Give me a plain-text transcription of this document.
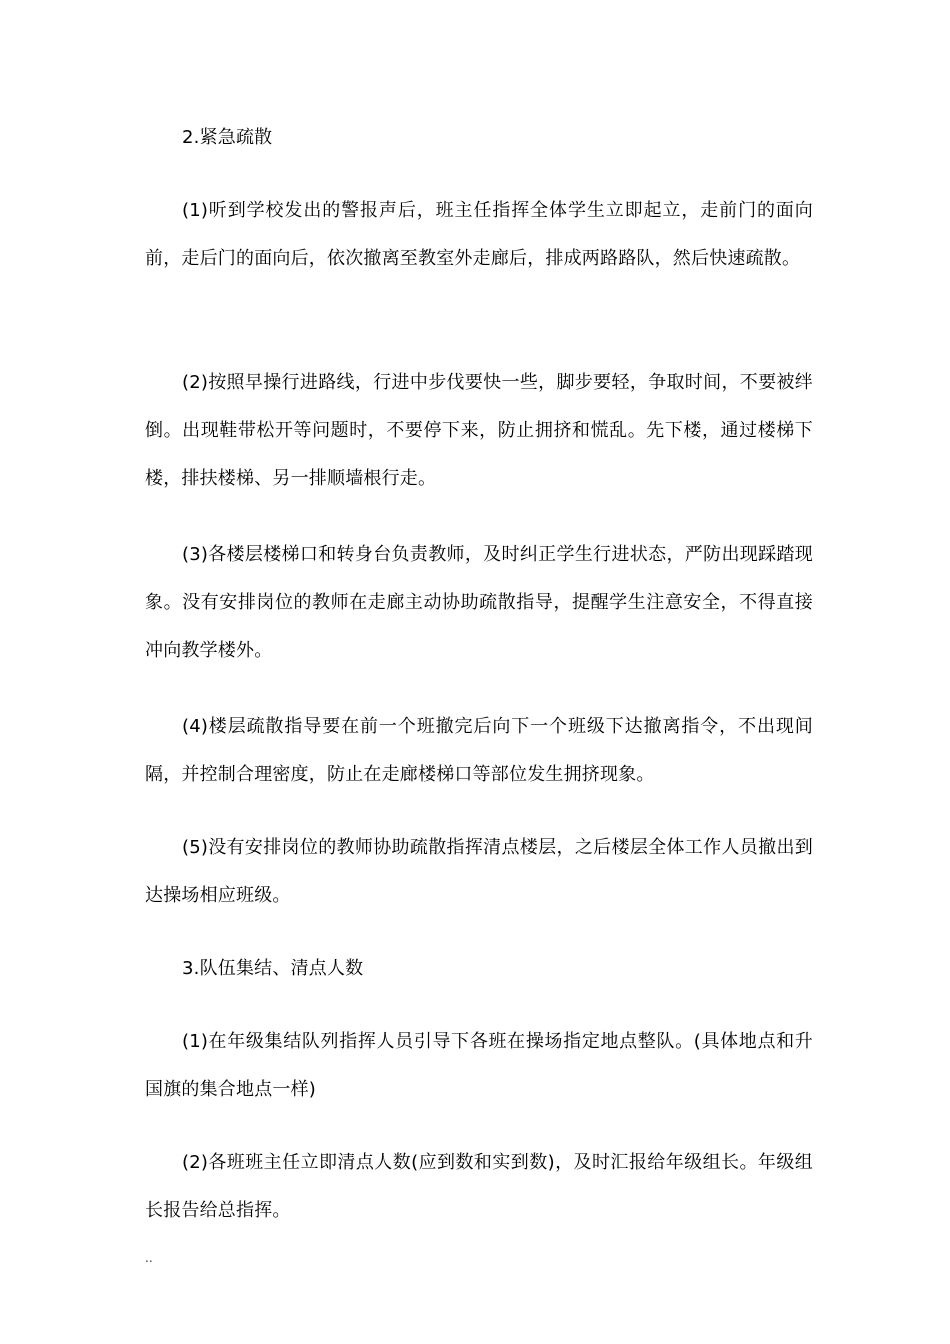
2.紧急疏散

(1)听到学校发出的警报声后，班主任指挥全体学生立即起立，走前门的面向前，走后门的面向后，依次撤离至教室外走廊后，排成两路路队，然后快速疏散。

(2)按照早操行进路线，行进中步伐要快一些，脚步要轻，争取时间，不要被绊倒。出现鞋带松开等问题时，不要停下来，防止拥挤和慌乱。先下楼，通过楼梯下楼，排扶楼梯、另一排顺墙根行走。

(3)各楼层楼梯口和转身台负责教师，及时纠正学生行进状态，严防出现踩踏现象。没有安排岗位的教师在走廊主动协助疏散指导，提醒学生注意安全，不得直接冲向教学楼外。

(4)楼层疏散指导要在前一个班撤完后向下一个班级下达撤离指令，不出现间隔，并控制合理密度，防止在走廊楼梯口等部位发生拥挤现象。

(5)没有安排岗位的教师协助疏散指挥清点楼层，之后楼层全体工作人员撤出到达操场相应班级。

3.队伍集结、清点人数

(1)在年级集结队列指挥人员引导下各班在操场指定地点整队。(具体地点和升国旗的集合地点一样)

(2)各班班主任立即清点人数(应到数和实到数)，及时汇报给年级组长。年级组长报告给总指挥。

..
